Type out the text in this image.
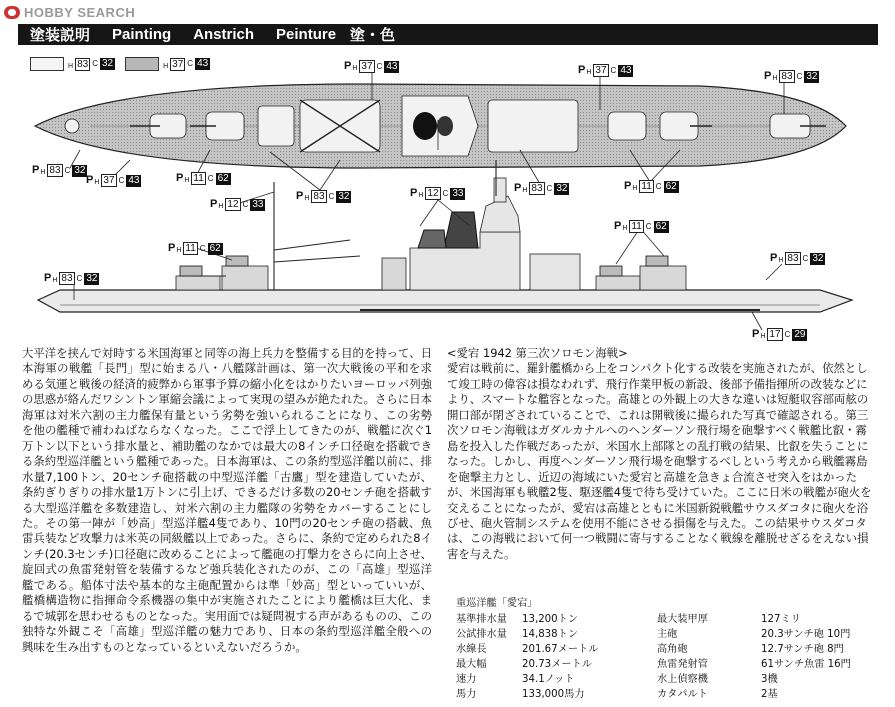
HOBBY SEARCH
塗装説明 Painting Anstrich Peinture 塗・色
H 83 C 32	H 37 C 43	P H 37 C 43	P H 37 C 43	P H 83 C 32
P H 83 C 32
P H 37 C 43	P H 11 C 62
P H 83 C 32	P H 12 C 33	P H 83 C 32	P H 11 C 62
P H 12 C 33
P H 11 C 62
P H 11 C 62
P H 83 C 32
P H 83 C 32
P H 17 C 29

大平洋を挟んで対時する米国海軍と同等の海上兵力を整備する目的を持って、日本海軍の戦艦「長門」型に始まる八・八艦隊計画は、第一次大戦後の平和を求める気運と戦後の経済的疲弊から軍事予算の縮小化をはかりたいヨーロッパ列強の思惑が絡んだワシントン軍縮会議によって実現の望みが絶たれた。さらに日本海軍は対米六割の主力艦保有量という劣勢を強いられることになり、この劣勢を他の艦種で補わねばならなくなった。ここで浮上してきたのが、戦艦に次ぐ1万トン以下という排水量と、補助艦のなかでは最大の8インチ口径砲を搭載できる条約型巡洋艦という艦種であった。日本海軍は、この条約型巡洋艦以前に、排水量7,100トン、20センチ砲搭載の中型巡洋艦「古鷹」型を建造していたが、条約ぎりぎりの排水量1万トンに引上げ、できるだけ多数の20センチ砲を搭載する大型巡洋艦を多数建造し、対米六割の主力艦隊の劣勢をカバーすることにした。その第一陣が「妙高」型巡洋艦4隻であり、10門の20センチ砲の搭載、魚雷兵装など攻撃力は米英の同級艦以上であった。さらに、条約で定められた8インチ(20.3センチ)口径砲に改めることによって艦砲の打撃力をさらに向上させ、旋回式の魚雷発射管を装備するなど強兵装化されたのが、この「高雄」型巡洋艦である。船体寸法や基本的な主砲配置からは準「妙高」型といっていいが、艦橋構造物に指揮命令系機器の集中が実施されたことにより艦橋は巨大化、まるで城郭を思わせるものとなった。実用面では疑問視する声があるものの、この独特な外観こそ「高雄」型巡洋艦の魅力であり、日本の条約型巡洋艦全般への興味を生み出すものとなっているといえないだろうか。

<愛宕 1942 第三次ソロモン海戦>

愛宕は戦前に、羅針艦橋から上をコンパクト化する改装を実施されたが、依然として竣工時の偉容は損なわれず、飛行作業甲板の新設、後部予備指揮所の改装などにより、スマートな艦容となった。高雄との外観上の大きな違いは短艇収容部両舷の開口部が閉ざされていることで、これは開戦後に撮られた写真で確認される。第三次ソロモン海戦はガダルカナルへのヘンダーソン飛行場を砲撃すべく戦艦比叡・霧島を投入した作戦だあったが、米国水上部隊との乱打戦の結果、比叡を失うことになった。しかし、再度ヘンダーソン飛行場を砲撃するべしという考えから戦艦霧島を砲撃主力とし、近辺の海域にいた愛宕と高雄を急きょ合流させ突入をはかったが、米国海軍も戦艦2隻、駆逐艦4隻で待ち受けていた。ここに日米の戦艦が砲火を交えることになったが、愛宕は高雄とともに米国新鋭戦艦サウスダコタに砲火を浴びせ、砲火管制システムを使用不能にさせる損傷を与えた。この結果サウスダコタは、この海戦において何一つ戦闘に寄与することなく戦線を離脱せざるをえない損害を与えた。

重巡洋艦「愛宕」
基準排水量	13,200トン	最大装甲厚	127ミリ
公試排水量	14,838トン	主砲	20.3サンチ砲 10門
水線長	201.67メートル	高角砲	12.7サンチ砲 8門
最大幅	20.73メートル	魚雷発射管	61サンチ魚雷 16門
速力	34.1ノット	水上偵察機	3機
馬力	133,000馬力	カタパルト	2基
